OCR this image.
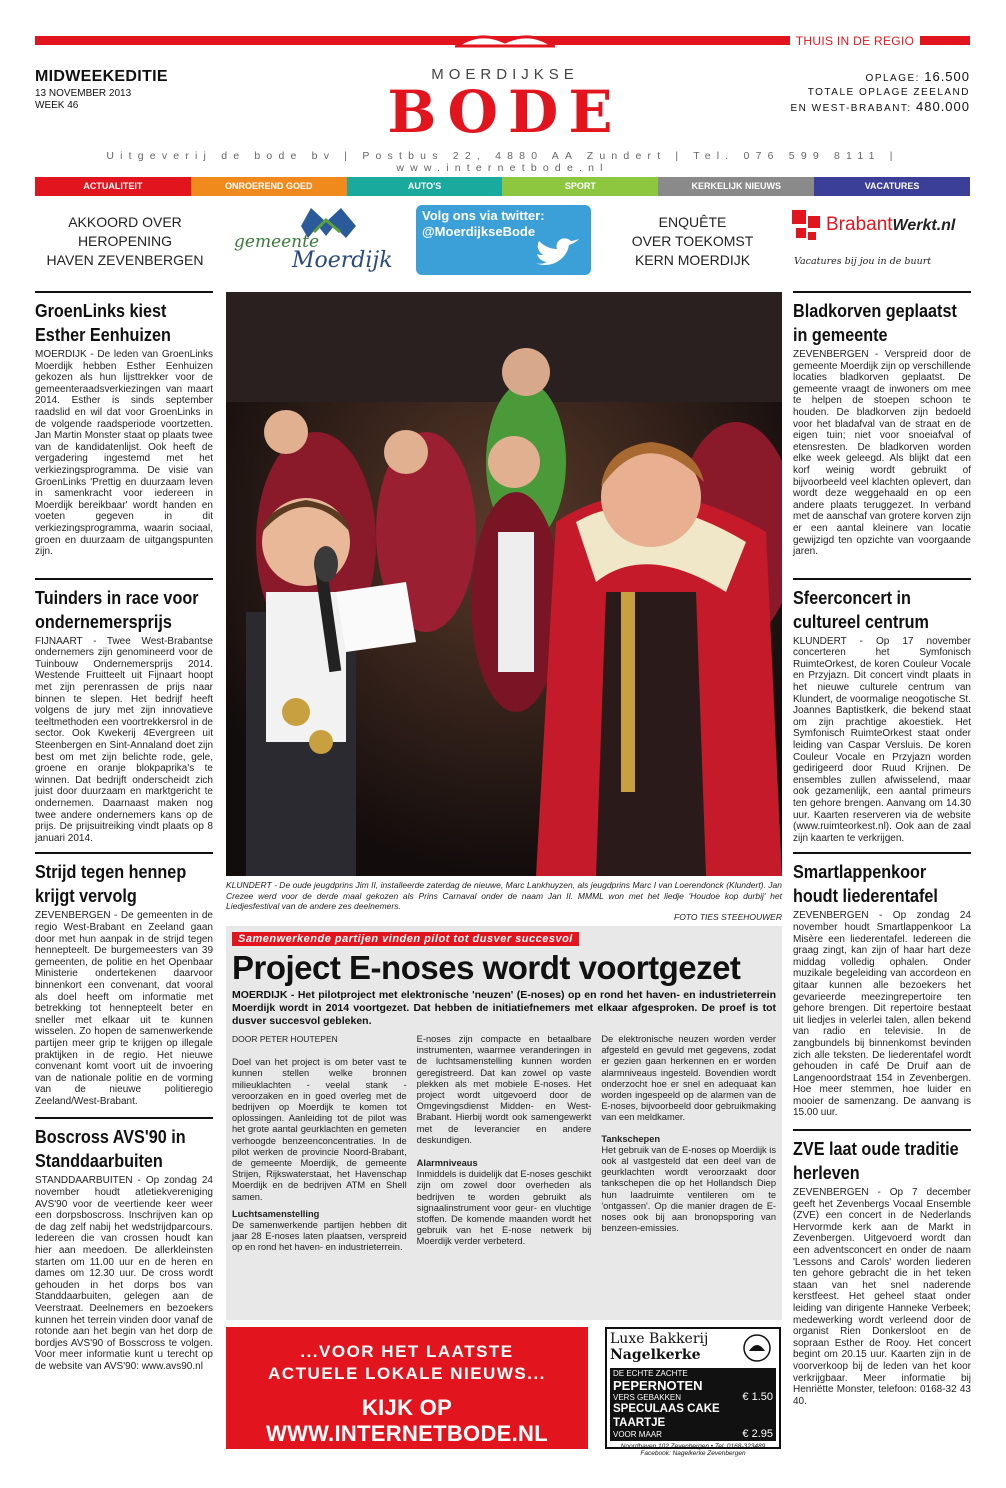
THUIS IN DE REGIO
MIDWEEKEDITIE
13 NOVEMBER 2013
WEEK 46
MOERDIJKSE
BODE	OPLAGE: 16.500
TOTALE OPLAGE ZEELAND
EN WEST-BRABANT: 480.000
Uitgeverij de bode bv | Postbus 22, 4880 AA Zundert | Tel. 076 599 8111 | www.internetbode.nl
ACTUALITEIT	ONROEREND GOED	AUTO'S	SPORT	KERKELIJK NIEUWS	VACATURES
AKKOORD OVER
HEROPENING
HAVEN ZEVENBERGEN
gemeente
Moerdijk
Volg ons via twitter:
@MoerdijkseBode
ENQUÊTE
OVER TOEKOMST
KERN MOERDIJK
BrabantWerkt.nl
Vacatures bij jou in de buurt
GroenLinks kiest Esther Eenhuizen
MOERDIJK - De leden van GroenLinks Moerdijk hebben Esther Eenhuizen gekozen als hun lijsttrekker voor de gemeenteraadsverkiezingen van maart 2014. Esther is sinds september raadslid en wil dat voor GroenLinks in de volgende raadsperiode voortzetten. Jan Martin Monster staat op plaats twee van de kandidatenlijst. Ook heeft de vergadering ingestemd met het verkiezingsprogramma. De visie van GroenLinks 'Prettig en duurzaam leven in samenkracht voor iedereen in Moerdijk bereikbaar' wordt handen en voeten gegeven in dit verkiezingsprogramma, waarin sociaal, groen en duurzaam de uitgangspunten zijn.
Tuinders in race voor ondernemersprijs
FIJNAART - Twee West-Brabantse ondernemers zijn genomineerd voor de Tuinbouw Ondernemersprijs 2014. Westende Fruitteelt uit Fijnaart hoopt met zijn perenrassen de prijs naar binnen te slepen. Het bedrijf heeft volgens de jury met zijn innovatieve teeltmethoden een voortrekkersrol in de sector. Ook Kwekerij 4Evergreen uit Steenbergen en Sint-Annaland doet zijn best om met zijn belichte rode, gele, groene en oranje blokpaprika's te winnen. Dat bedrijft onderscheidt zich juist door duurzaam en marktgericht te ondernemen. Daarnaast maken nog twee andere ondernemers kans op de prijs. De prijsuitreiking vindt plaats op 8 januari 2014.
Strijd tegen hennep krijgt vervolg
ZEVENBERGEN - De gemeenten in de regio West-Brabant en Zeeland gaan door met hun aanpak in de strijd tegen hennepteelt. De burgemeesters van 39 gemeenten, de politie en het Openbaar Ministerie ondertekenen daarvoor binnenkort een convenant, dat vooral als doel heeft om informatie met betrekking tot hennepteelt beter en sneller met elkaar uit te kunnen wisselen. Zo hopen de samenwerkende partijen meer grip te krijgen op illegale praktijken in de regio. Het nieuwe convenant komt voort uit de invoering van de nationale politie en de vorming van de nieuwe politieregio Zeeland/West-Brabant.
Boscross AVS'90 in Standdaarbuiten
STANDDAARBUITEN - Op zondag 24 november houdt atletiekvereniging AVS'90 voor de veertiende keer weer een dorpsboscross. Inschrijven kan op de dag zelf nabij het wedstrijdparcours. Iedereen die van crossen houdt kan hier aan meedoen. De allerkleinsten starten om 11.00 uur en de heren en dames om 12.30 uur. De cross wordt gehouden in het dorps bos van Standdaarbuiten, gelegen aan de Veerstraat. Deelnemers en bezoekers kunnen het terrein vinden door vanaf de rotonde aan het begin van het dorp de bordjes AVS'90 of Bosscross te volgen. Voor meer informatie kunt u terecht op de website van AVS'90: www.avs90.nl
Bladkorven geplaatst in gemeente
ZEVENBERGEN - Verspreid door de gemeente Moerdijk zijn op verschillende locaties bladkorven geplaatst. De gemeente vraagt de inwoners om mee te helpen de stoepen schoon te houden. De bladkorven zijn bedoeld voor het bladafval van de straat en de eigen tuin; niet voor snoeiafval of etensresten. De bladkorven worden elke week geleegd. Als blijkt dat een korf weinig wordt gebruikt of bijvoorbeeld veel klachten oplevert, dan wordt deze weggehaald en op een andere plaats teruggezet. In verband met de aanschaf van grotere korven zijn er een aantal kleinere van locatie gewijzigd ten opzichte van voorgaande jaren.
Sfeerconcert in cultureel centrum
KLUNDERT - Op 17 november concerteren het Symfonisch RuimteOrkest, de koren Couleur Vocale en Przyjazn. Dit concert vindt plaats in het nieuwe culturele centrum van Klundert, de voormalige neogotische St. Joannes Baptistkerk, die bekend staat om zijn prachtige akoestiek. Het Symfonisch RuimteOrkest staat onder leiding van Caspar Versluis. De koren Couleur Vocale en Przyjazn worden gedirigeerd door Ruud Krijnen. De ensembles zullen afwisselend, maar ook gezamenlijk, een aantal primeurs ten gehore brengen. Aanvang om 14.30 uur. Kaarten reserveren via de website (www.ruimteorkest.nl). Ook aan de zaal zijn kaarten te verkrijgen.
Smartlappenkoor houdt liederentafel
ZEVENBERGEN - Op zondag 24 november houdt Smartlappenkoor La Misère een liederentafel. Iedereen die graag zingt, kan zijn of haar hart deze middag volledig ophalen. Onder muzikale begeleiding van accordeon en gitaar kunnen alle bezoekers het gevarieerde meezingrepertoire ten gehore brengen. Dit repertoire bestaat uit liedjes in velerlei talen, allen bekend van radio en televisie. In de zangbundels bij binnenkomst bevinden zich alle teksten. De liederentafel wordt gehouden in café De Druif aan de Langenoordstraat 154 in Zevenbergen. Hoe meer stemmen, hoe luider en mooier de samenzang. De aanvang is 15.00 uur.
ZVE laat oude traditie herleven
ZEVENBERGEN - Op 7 december geeft het Zevenbergs Vocaal Ensemble (ZVE) een concert in de Nederlands Hervormde kerk aan de Markt in Zevenbergen. Uitgevoerd wordt dan een adventsconcert en onder de naam 'Lessons and Carols' worden liederen ten gehore gebracht die in het teken staan van het snel naderende kerstfeest. Het geheel staat onder leiding van dirigente Hanneke Verbeek; medewerking wordt verleend door de organist Rien Donkersloot en de sopraan Esther de Rooy. Het concert begint om 20.15 uur. Kaarten zijn in de voorverkoop bij de leden van het koor verkrijgbaar. Meer informatie bij Henriëtte Monster, telefoon: 0168-32 43 40.
KLUNDERT - De oude jeugdprins Jim II, installeerde zaterdag de nieuwe, Marc Lankhuyzen, als jeugdprins Marc I van Loerendonck (Klundert). Jan Crezee werd voor de derde maal gekozen als Prins Carnaval onder de naam Jan II. MMML won met het liedje 'Houdoe kop durbij' het Liedjesfestival van de andere zes deelnemers.
FOTO TIES STEEHOUWER
Samenwerkende partijen vinden pilot tot dusver succesvol
Project E-noses wordt voortgezet
MOERDIJK - Het pilotproject met elektronische 'neuzen' (E-noses) op en rond het haven- en industrieterrein Moerdijk wordt in 2014 voortgezet. Dat hebben de initiatiefnemers met elkaar afgesproken. De proef is tot dusver succesvol gebleken.
DOOR PETER HOUTEPEN
Doel van het project is om beter vast te kunnen stellen welke bronnen milieuklachten - veelal stank - veroorzaken en in goed overleg met de bedrijven op Moerdijk te komen tot oplossingen. Aanleiding tot de pilot was het grote aantal geurklachten en gemeten verhoogde benzeenconcentraties. In de pilot werken de provincie Noord-Brabant, de gemeente Moerdijk, de gemeente Strijen, Rijkswaterstaat, het Havenschap Moerdijk en de bedrijven ATM en Shell samen.
Luchtsamenstelling
De samenwerkende partijen hebben dit jaar 28 E-noses laten plaatsen, verspreid op en rond het haven- en industrieterrein.
E-noses zijn compacte en betaalbare instrumenten, waarmee veranderingen in de luchtsamenstelling kunnen worden geregistreerd. Dat kan zowel op vaste plekken als met mobiele E-noses. Het project wordt uitgevoerd door de Omgevingsdienst Midden- en West-Brabant. Hierbij wordt ook samengewerkt met de leverancier en andere deskundigen.
Alarmniveaus
Inmiddels is duidelijk dat E-noses geschikt zijn om zowel door overheden als bedrijven te worden gebruikt als signaalinstrument voor geur- en vluchtige stoffen. De komende maanden wordt het gebruik van het E-nose netwerk bij Moerdijk verder verbeterd.
De elektronische neuzen worden verder afgesteld en gevuld met gegevens, zodat er gezien gaan herkennen en er worden alarmniveaus ingesteld. Bovendien wordt onderzocht hoe er snel en adequaat kan worden ingespeeld op de alarmen van de E-noses, bijvoorbeeld door gebruikmaking van een meldkamer.
Tankschepen
Het gebruik van de E-noses op Moerdijk is ook al vastgesteld dat een deel van de geurklachten wordt veroorzaakt door tankschepen die op het Hollandsch Diep hun laadruimte ventileren om te 'ontgassen'. Op die manier dragen de E-noses ook bij aan bronopsporing van benzeen-emissies.
...VOOR HET LAATSTE
ACTUELE LOKALE NIEUWS...
KIJK OP WWW.INTERNETBODE.NL
Luxe Bakkerij
Nagelkerke
DE ECHTE ZACHTE
PEPERNOTEN
VERS GEBAKKEN	€ 1.50
SPECULAAS CAKE TAARTJE
VOOR MAAR	€ 2.95
Noordhaven 102 Zevenbergen • Tel. 0168-323489
Facebook: Nagelkerke Zevenbergen
